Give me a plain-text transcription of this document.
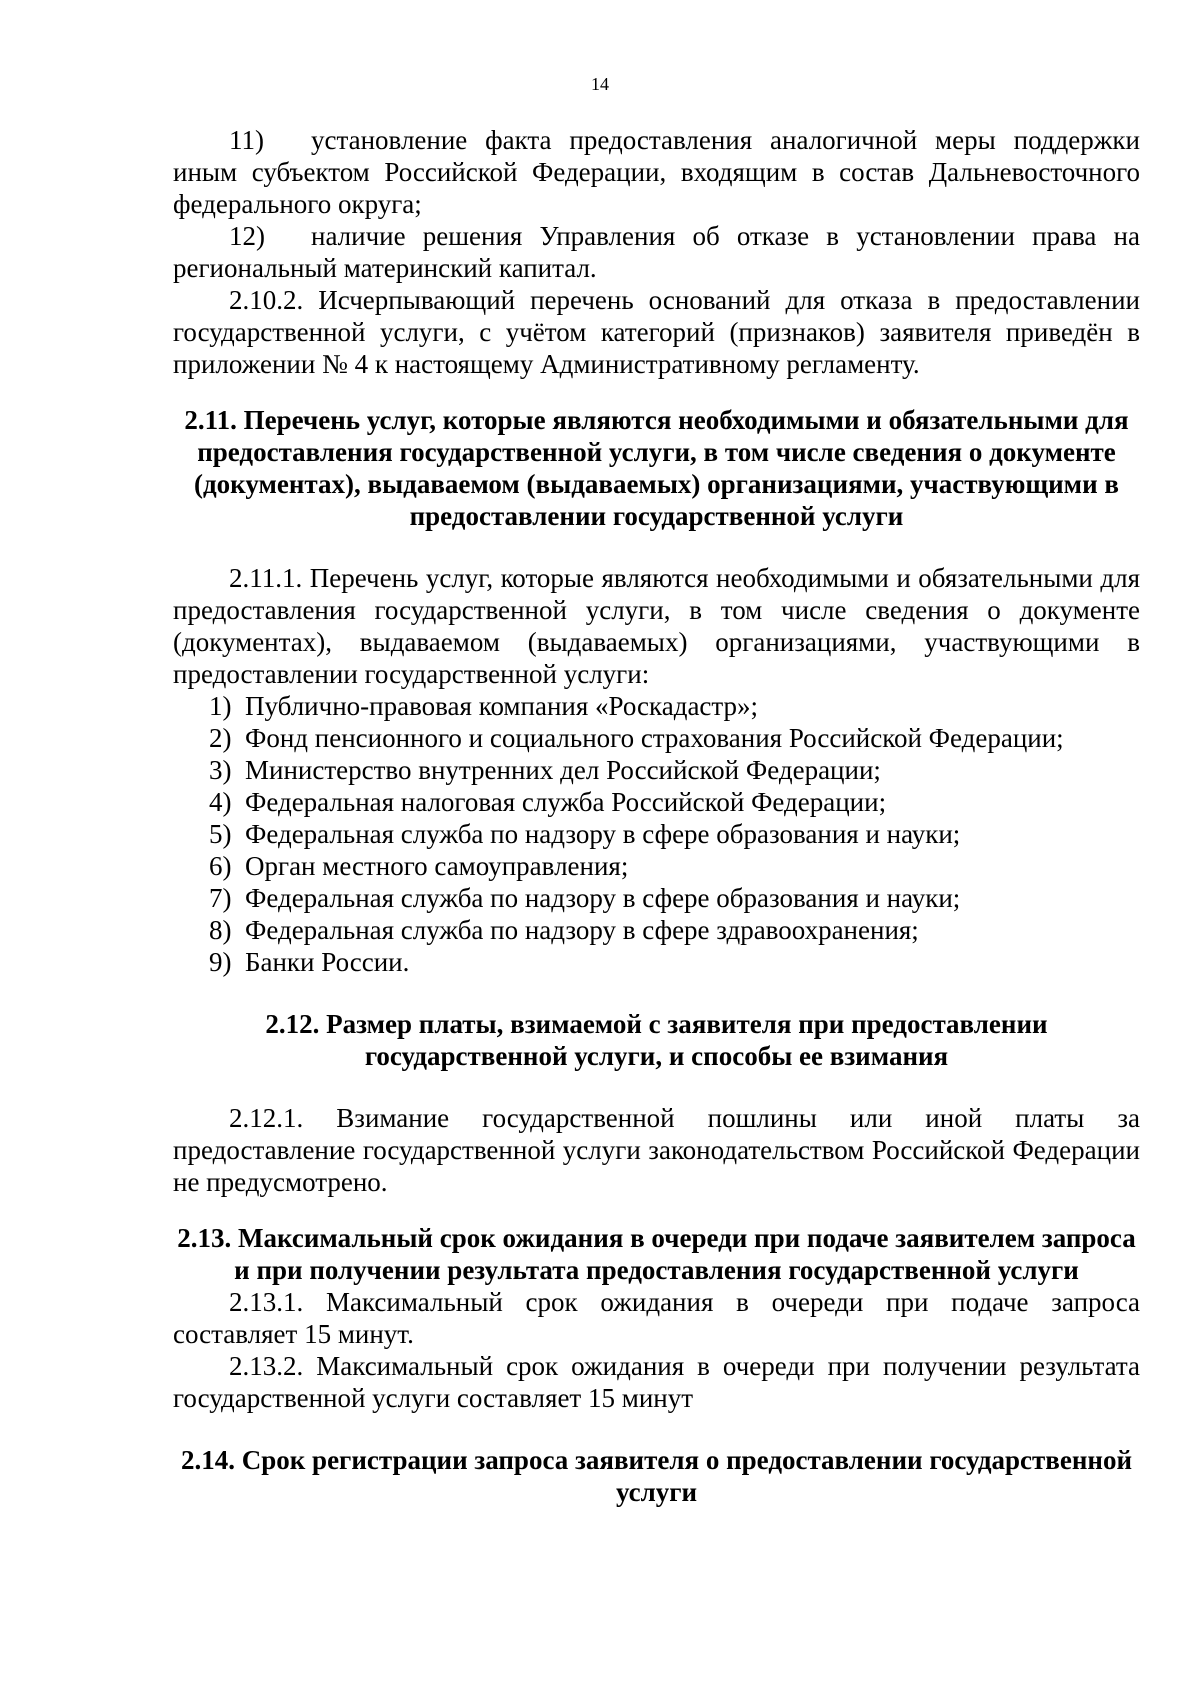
14

11) установление факта предоставления аналогичной меры поддержки иным субъектом Российской Федерации, входящим в состав Дальневосточного федерального округа;

12) наличие решения Управления об отказе в установлении права на региональный материнский капитал.

2.10.2. Исчерпывающий перечень оснований для отказа в предоставлении государственной услуги, с учётом категорий (признаков) заявителя приведён в приложении № 4 к настоящему Административному регламенту.

2.11. Перечень услуг, которые являются необходимыми и обязательными для предоставления государственной услуги, в том числе сведения о документе (документах), выдаваемом (выдаваемых) организациями, участвующими в предоставлении государственной услуги

2.11.1. Перечень услуг, которые являются необходимыми и обязательными для предоставления государственной услуги, в том числе сведения о документе (документах), выдаваемом (выдаваемых) организациями, участвующими в предоставлении государственной услуги:

1) Публично-правовая компания «Роскадастр»;
2) Фонд пенсионного и социального страхования Российской Федерации;
3) Министерство внутренних дел Российской Федерации;
4) Федеральная налоговая служба Российской Федерации;
5) Федеральная служба по надзору в сфере образования и науки;
6) Орган местного самоуправления;
7) Федеральная служба по надзору в сфере образования и науки;
8) Федеральная служба по надзору в сфере здравоохранения;
9) Банки России.

2.12. Размер платы, взимаемой с заявителя при предоставлении государственной услуги, и способы ее взимания

2.12.1. Взимание государственной пошлины или иной платы за предоставление государственной услуги законодательством Российской Федерации не предусмотрено.

2.13. Максимальный срок ожидания в очереди при подаче заявителем запроса и при получении результата предоставления государственной услуги

2.13.1. Максимальный срок ожидания в очереди при подаче запроса составляет 15 минут.

2.13.2. Максимальный срок ожидания в очереди при получении результата государственной услуги составляет 15 минут

2.14. Срок регистрации запроса заявителя о предоставлении государственной услуги
